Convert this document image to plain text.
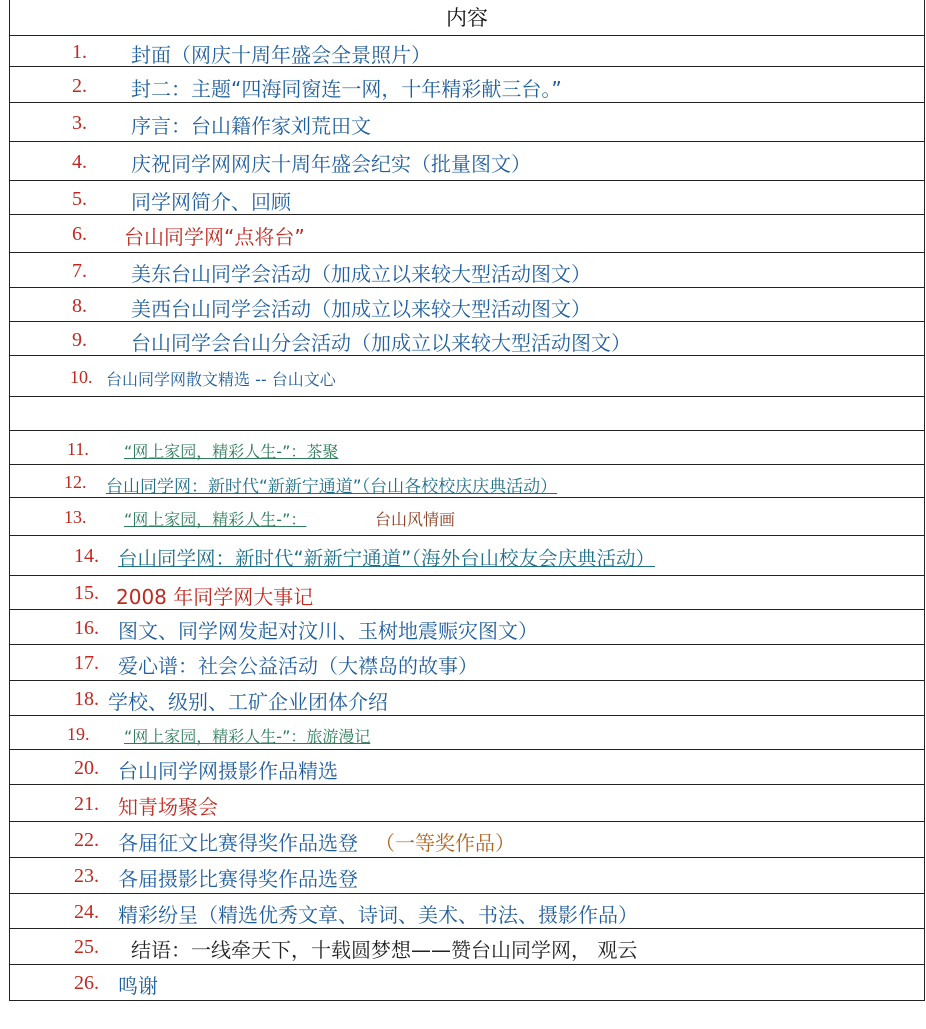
内容
1. 封面（网庆十周年盛会全景照片）
2. 封二：主题“四海同窗连一网，十年精彩献三台。”
3. 序言：台山籍作家刘荒田文
4. 庆祝同学网网庆十周年盛会纪实（批量图文）
5. 同学网简介、回顾
6. 台山同学网“点将台”
7. 美东台山同学会活动（加成立以来较大型活动图文）
8. 美西台山同学会活动（加成立以来较大型活动图文）
9. 台山同学会台山分会活动（加成立以来较大型活动图文）
10. 台山同学网散文精选 -- 台山文心
11. “网上家园，精彩人生-”：茶聚
12. 台山同学网：新时代“新新宁通道”（台山各校校庆庆典活动）
13. “网上家园，精彩人生-”：	台山风情画
14. 台山同学网：新时代“新新宁通道”（海外台山校友会庆典活动）
15. 2008 年同学网大事记
16. 图文、同学网发起对汶川、玉树地震赈灾图文）
17. 爱心谱：社会公益活动（大襟岛的故事）
18. 学校、级别、工矿企业团体介绍
19. “网上家园，精彩人生-”：旅游漫记
20. 台山同学网摄影作品精选
21. 知青场聚会
22. 各届征文比赛得奖作品选登 （一等奖作品）
23. 各届摄影比赛得奖作品选登
24. 精彩纷呈（精选优秀文章、诗词、美术、书法、摄影作品）
25. 结语：一线牵天下，十载圆梦想——赞台山同学网， 观云
26. 鸣谢
